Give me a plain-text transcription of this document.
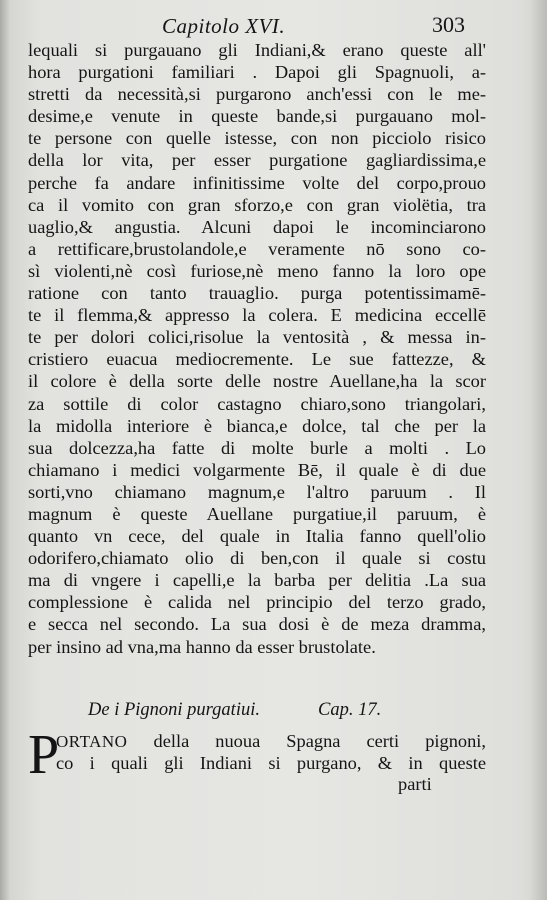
Capitolo XVI.	303
lequali si purgauano gli Indiani,& erano queste all'
hora purgationi familiari . Dapoi gli Spagnuoli, a-
stretti da necessità,si purgarono anch'essi con le me-
desime,e venute in queste bande,si purgauano mol-
te persone con quelle istesse, con non picciolo risico
della lor vita, per esser purgatione gagliardissima,e
perche fa andare infinitissime volte del corpo,prouo
ca il vomito con gran sforzo,e con gran violëtia, tra
uaglio,& angustia. Alcuni dapoi le incominciarono
a rettificare,brustolandole,e veramente nō sono co-
sì violenti,nè così furiose,nè meno fanno la loro ope
ratione con tanto trauaglio. purga potentissimamē-
te il flemma,& appresso la colera. E medicina eccellē
te per dolori colici,risolue la ventosità , & messa in-
cristiero euacua mediocremente. Le sue fattezze, &
il colore è della sorte delle nostre Auellane,ha la scor
za sottile di color castagno chiaro,sono triangolari,
la midolla interiore è bianca,e dolce, tal che per la
sua dolcezza,ha fatte di molte burle a molti . Lo
chiamano i medici volgarmente Bē, il quale è di due
sorti,vno chiamano magnum,e l'altro paruum . Il
magnum è queste Auellane purgatiue,il paruum, è
quanto vn cece, del quale in Italia fanno quell'olio
odorifero,chiamato olio di ben,con il quale si costu
ma di vngere i capelli,e la barba per delitia .La sua
complessione è calida nel principio del terzo grado,
e secca nel secondo. La sua dosi è de meza dramma,
per insino ad vna,ma hanno da esser brustolate.
De i Pignoni purgatiui.	Cap. 17.
P
ORTANO della nuoua Spagna certi pignoni,
co i quali gli Indiani si purgano, & in queste
parti
